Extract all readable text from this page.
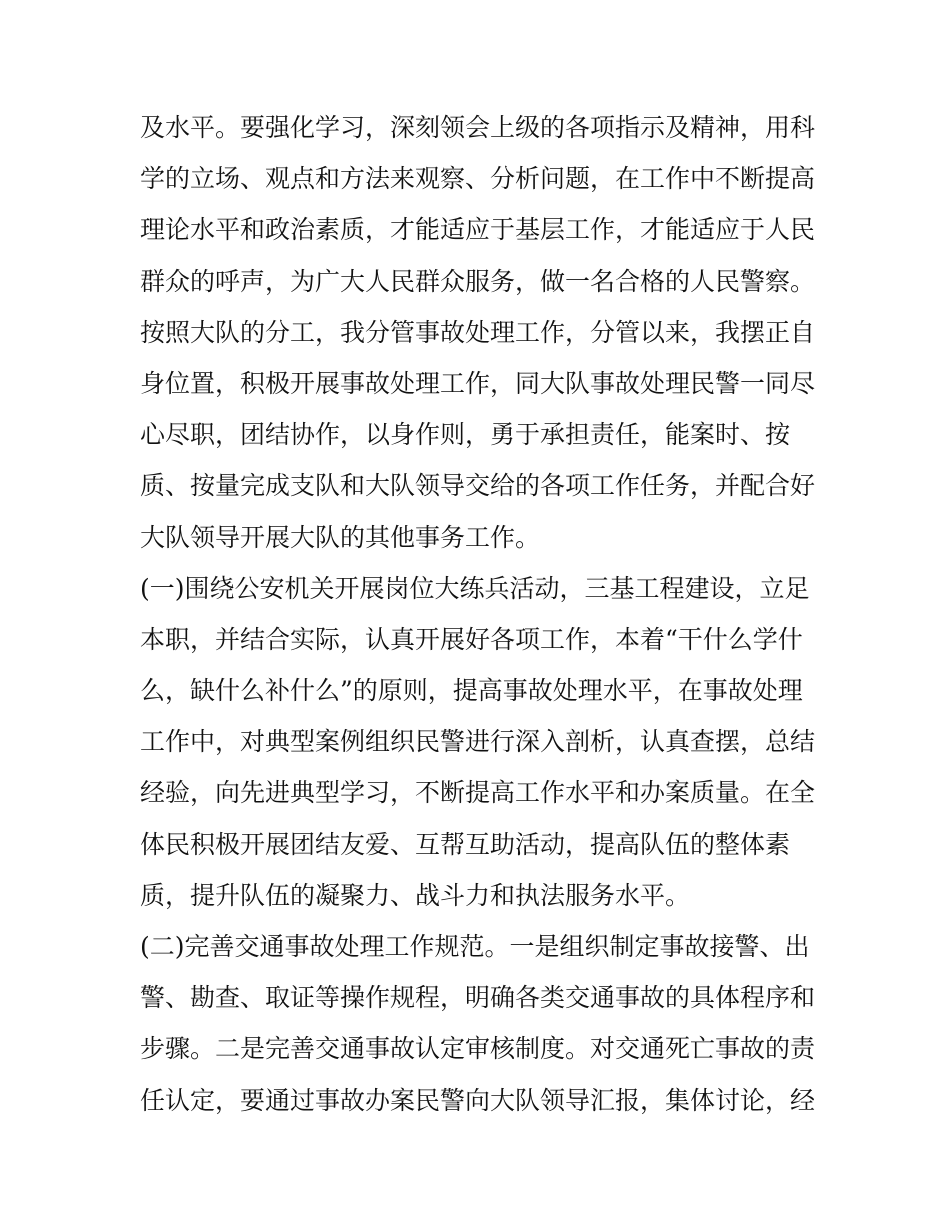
及水平。要强化学习，深刻领会上级的各项指示及精神，用科
学的立场、观点和方法来观察、分析问题，在工作中不断提高
理论水平和政治素质，才能适应于基层工作，才能适应于人民
群众的呼声，为广大人民群众服务，做一名合格的人民警察。
按照大队的分工，我分管事故处理工作，分管以来，我摆正自
身位置，积极开展事故处理工作，同大队事故处理民警一同尽
心尽职，团结协作，以身作则，勇于承担责任，能案时、按
质、按量完成支队和大队领导交给的各项工作任务，并配合好
大队领导开展大队的其他事务工作。
(一)围绕公安机关开展岗位大练兵活动，三基工程建设，立足
本职，并结合实际，认真开展好各项工作，本着“干什么学什
么，缺什么补什么”的原则，提高事故处理水平，在事故处理
工作中，对典型案例组织民警进行深入剖析，认真查摆，总结
经验，向先进典型学习，不断提高工作水平和办案质量。在全
体民积极开展团结友爱、互帮互助活动，提高队伍的整体素
质，提升队伍的凝聚力、战斗力和执法服务水平。
(二)完善交通事故处理工作规范。一是组织制定事故接警、出
警、勘查、取证等操作规程，明确各类交通事故的具体程序和
步骤。二是完善交通事故认定审核制度。对交通死亡事故的责
任认定，要通过事故办案民警向大队领导汇报，集体讨论，经
